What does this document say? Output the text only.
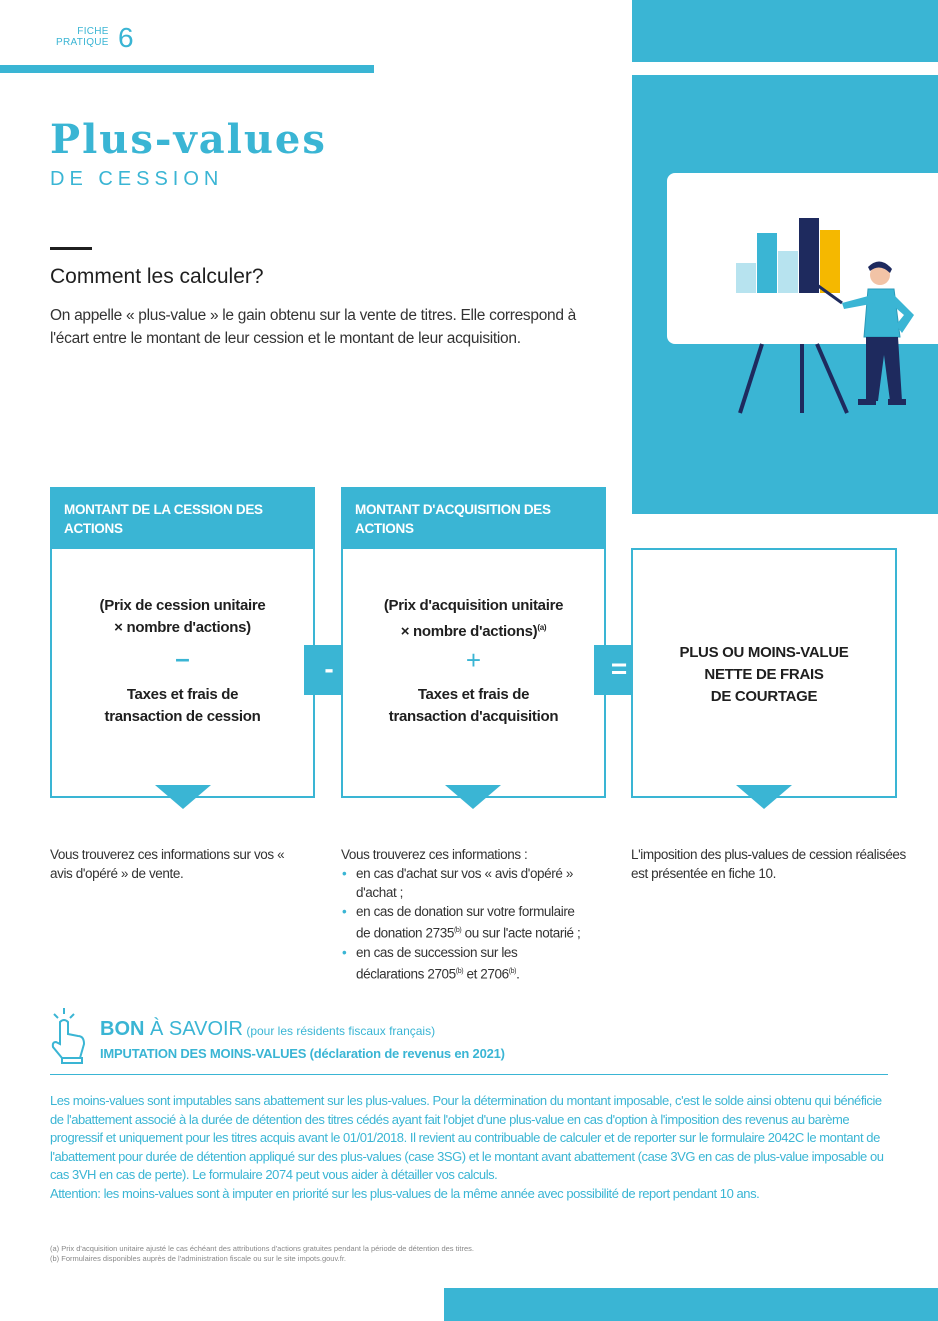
FICHE
PRATIQUE 6
Plus-values
DE CESSION
Comment les calculer?
On appelle « plus-value » le gain obtenu sur la vente de titres. Elle correspond à l'écart entre le montant de leur cession et le montant de leur acquisition.
MONTANT DE LA CESSION DES ACTIONS
(Prix de cession unitaire
× nombre d'actions)
–
Taxes et frais de
transaction de cession
-
MONTANT D'ACQUISITION DES ACTIONS
(Prix d'acquisition unitaire
× nombre d'actions)$^{(a)}$
+
Taxes et frais de
transaction d'acquisition
=
PLUS OU MOINS-VALUE
NETTE DE FRAIS
DE COURTAGE
Vous trouverez ces informations sur vos « avis d'opéré » de vente.
Vous trouverez ces informations :
• en cas d'achat sur vos « avis d'opéré » d'achat ;
• en cas de donation sur votre formulaire de donation 2735$^{(b)}$ ou sur l'acte notarié ;
• en cas de succession sur les déclarations 2705$^{(b)}$ et 2706$^{(b)}$.
L'imposition des plus-values de cession réalisées est présentée en fiche 10.
BON À SAVOIR (pour les résidents fiscaux français)
IMPUTATION DES MOINS-VALUES (déclaration de revenus en 2021)
Les moins-values sont imputables sans abattement sur les plus-values. Pour la détermination du montant imposable, c'est le solde ainsi obtenu qui bénéficie de l'abattement associé à la durée de détention des titres cédés ayant fait l'objet d'une plus-value en cas d'option à l'imposition des revenus au barème progressif et uniquement pour les titres acquis avant le 01/01/2018. Il revient au contribuable de calculer et de reporter sur le formulaire 2042C le montant de l'abattement pour durée de détention appliqué sur des plus-values (case 3SG) et le montant avant abattement (case 3VG en cas de plus-value imposable ou cas 3VH en cas de perte). Le formulaire 2074 peut vous aider à détailler vos calculs.
Attention: les moins-values sont à imputer en priorité sur les plus-values de la même année avec possibilité de report pendant 10 ans.
(a) Prix d'acquisition unitaire ajusté le cas échéant des attributions d'actions gratuites pendant la période de détention des titres.
(b) Formulaires disponibles auprès de l'administration fiscale ou sur le site impots.gouv.fr.
